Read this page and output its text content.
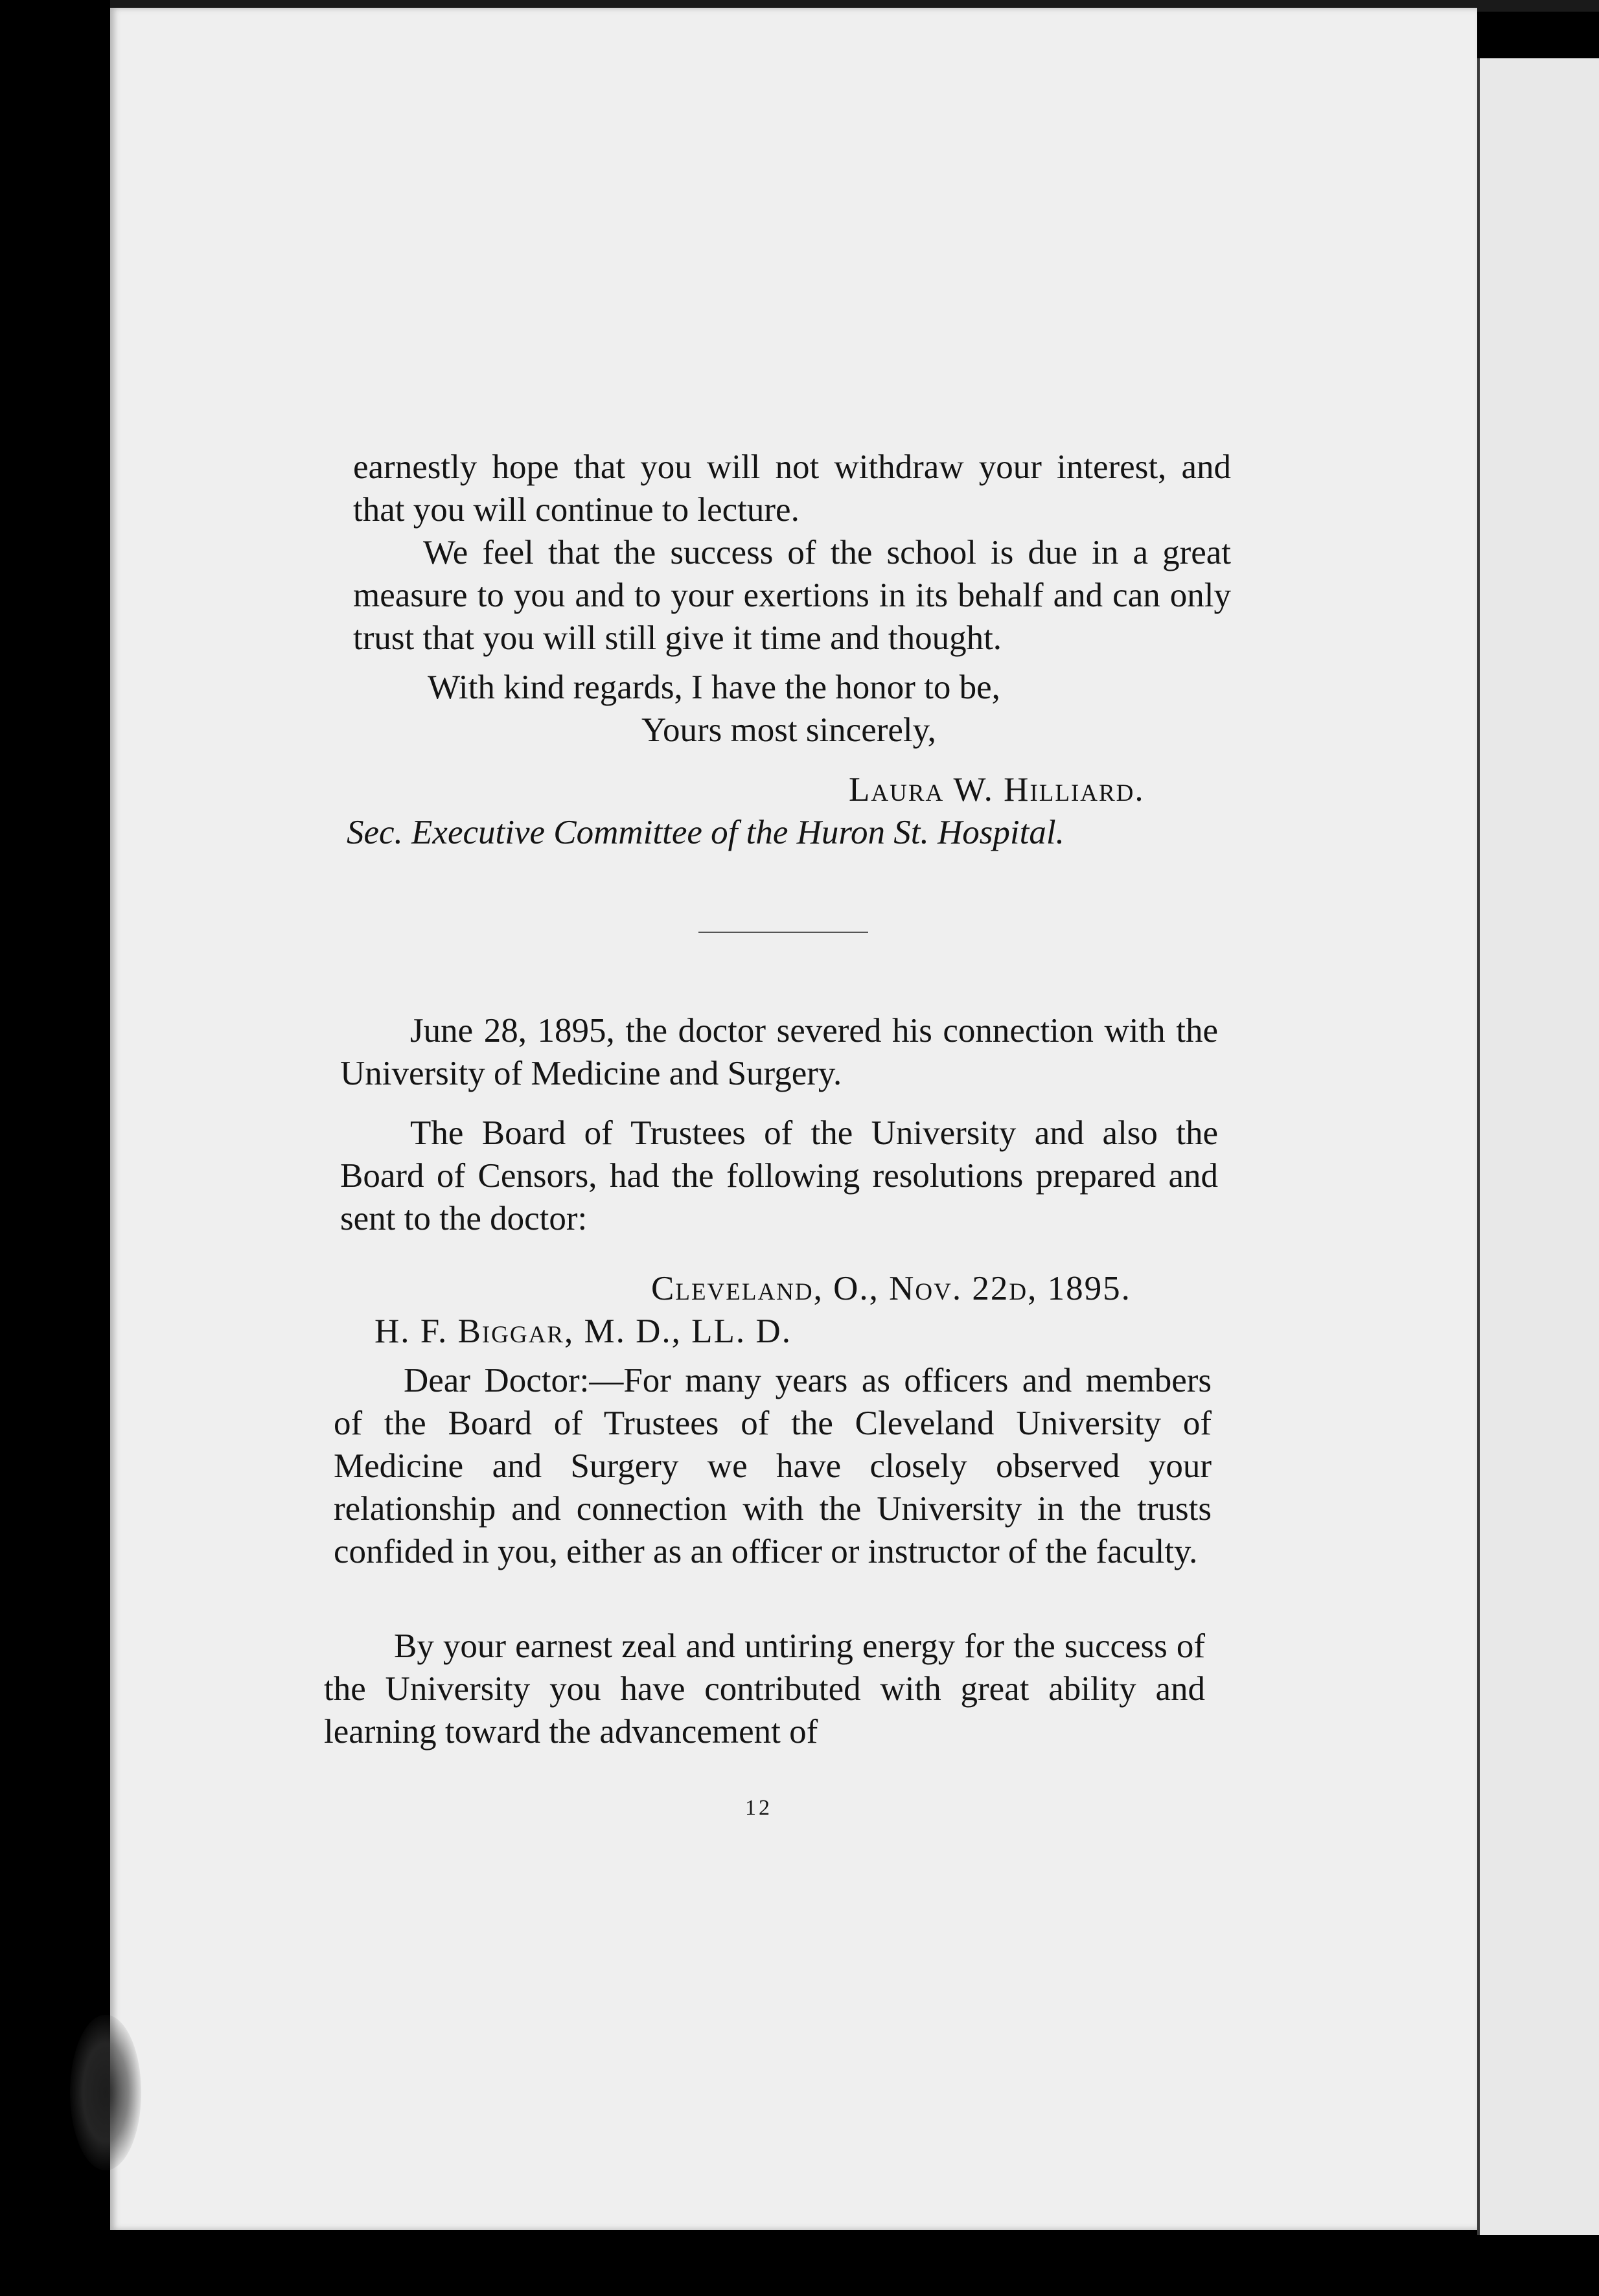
earnestly hope that you will not withdraw your interest, and that you will continue to lecture.

We feel that the success of the school is due in a great measure to you and to your exertions in its behalf and can only trust that you will still give it time and thought.

With kind regards, I have the honor to be,

Yours most sincerely,

Laura W. Hilliard.

Sec. Executive Committee of the Huron St. Hospital.

June 28, 1895, the doctor severed his connection with the University of Medicine and Surgery.

The Board of Trustees of the University and also the Board of Censors, had the following resolutions prepared and sent to the doctor:

Cleveland, O., Nov. 22d, 1895.

H. F. Biggar, M. D., LL. D.

Dear Doctor:—For many years as officers and members of the Board of Trustees of the Cleveland University of Medicine and Surgery we have closely observed your relationship and connection with the University in the trusts confided in you, either as an officer or instructor of the faculty.

By your earnest zeal and untiring energy for the success of the University you have contributed with great ability and learning toward the advancement of

12
